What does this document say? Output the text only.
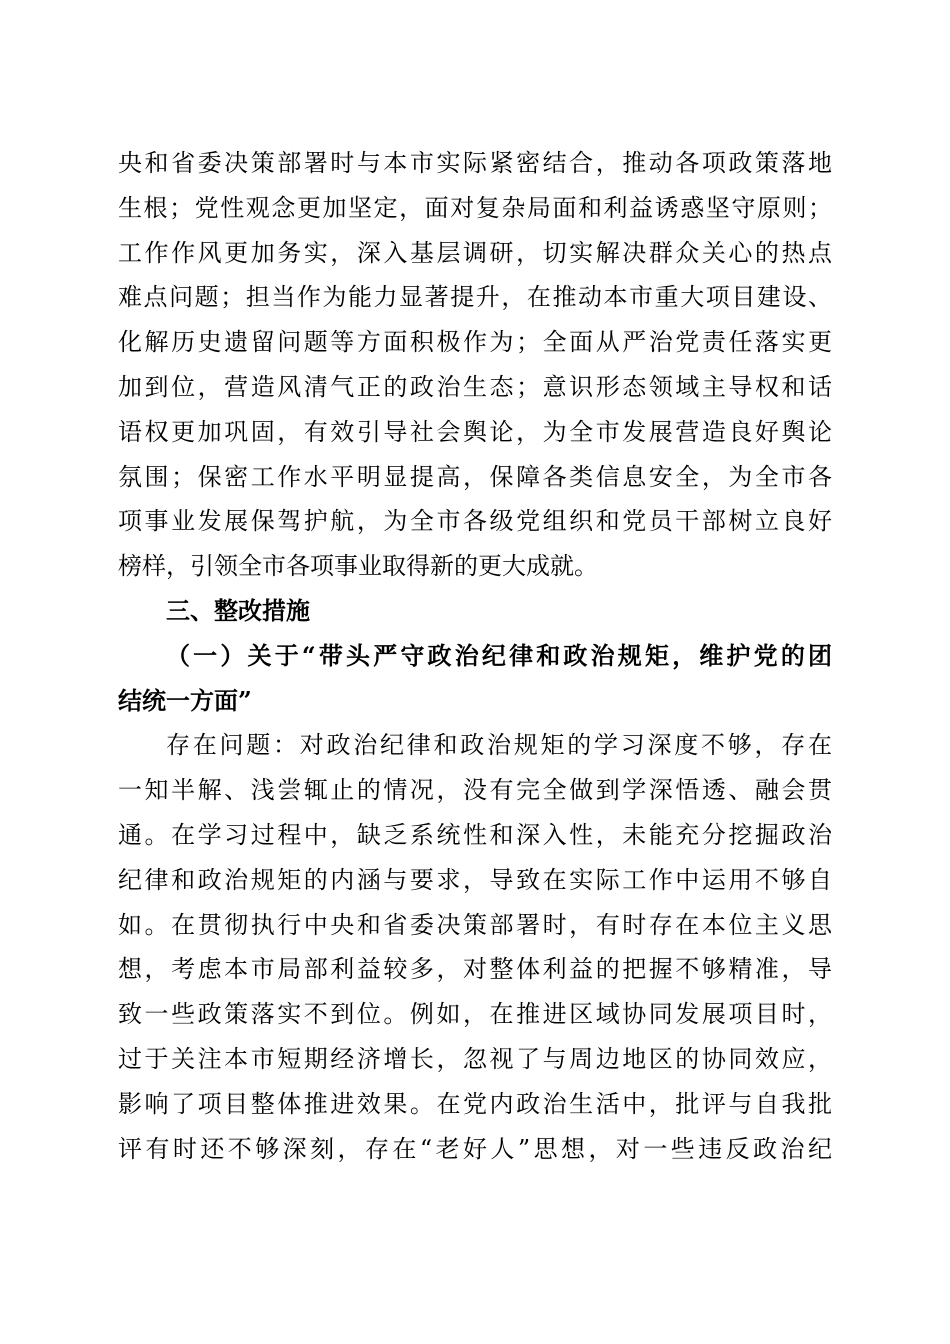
央和省委决策部署时与本市实际紧密结合，推动各项政策落地
生根；党性观念更加坚定，面对复杂局面和利益诱惑坚守原则；
工作作风更加务实，深入基层调研，切实解决群众关心的热点
难点问题；担当作为能力显著提升，在推动本市重大项目建设、
化解历史遗留问题等方面积极作为；全面从严治党责任落实更
加到位，营造风清气正的政治生态；意识形态领域主导权和话
语权更加巩固，有效引导社会舆论，为全市发展营造良好舆论
氛围；保密工作水平明显提高，保障各类信息安全，为全市各
项事业发展保驾护航，为全市各级党组织和党员干部树立良好
榜样，引领全市各项事业取得新的更大成就。
三、整改措施
（一）关于“带头严守政治纪律和政治规矩，维护党的团
结统一方面”
存在问题：对政治纪律和政治规矩的学习深度不够，存在
一知半解、浅尝辄止的情况，没有完全做到学深悟透、融会贯
通。在学习过程中，缺乏系统性和深入性，未能充分挖掘政治
纪律和政治规矩的内涵与要求，导致在实际工作中运用不够自
如。在贯彻执行中央和省委决策部署时，有时存在本位主义思
想，考虑本市局部利益较多，对整体利益的把握不够精准，导
致一些政策落实不到位。例如，在推进区域协同发展项目时，
过于关注本市短期经济增长，忽视了与周边地区的协同效应，
影响了项目整体推进效果。在党内政治生活中，批评与自我批
评有时还不够深刻，存在“老好人”思想，对一些违反政治纪
